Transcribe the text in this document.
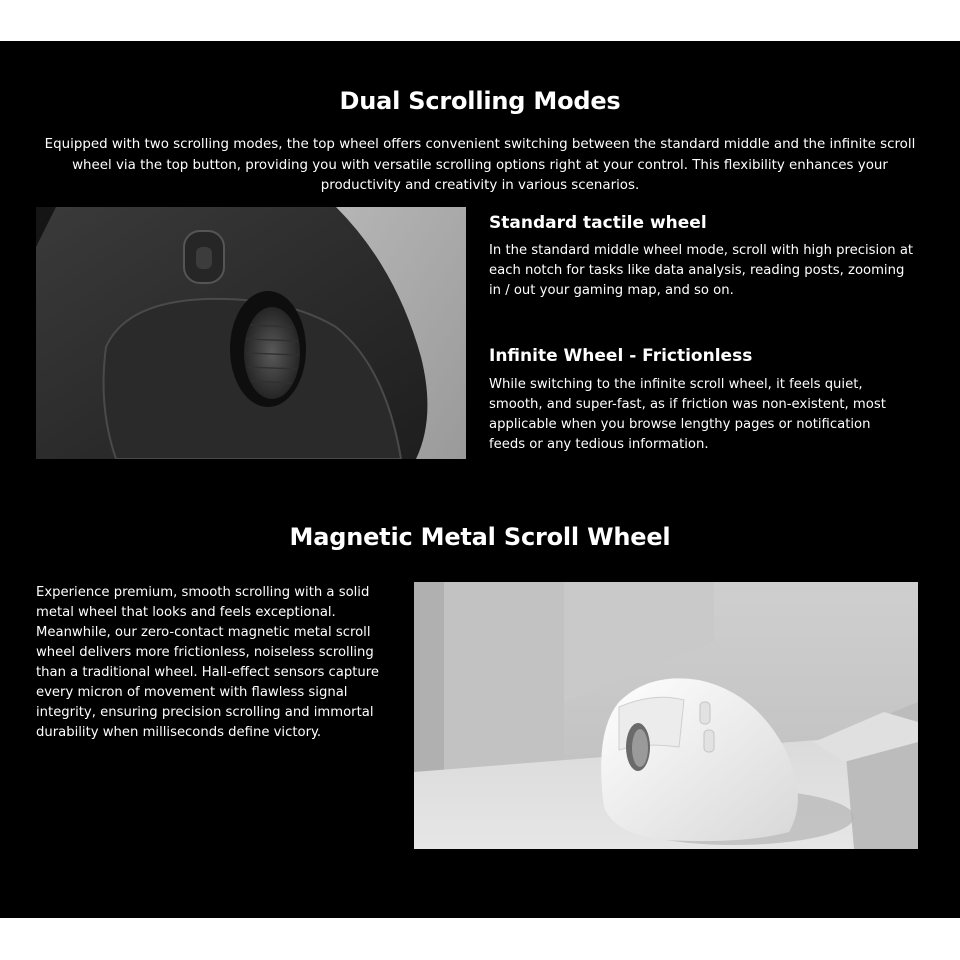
Dual Scrolling Modes

Equipped with two scrolling modes, the top wheel offers convenient switching between the standard middle and the infinite scroll wheel via the top button, providing you with versatile scrolling options right at your control. This flexibility enhances your productivity and creativity in various scenarios.

Standard tactile wheel

In the standard middle wheel mode, scroll with high precision at each notch for tasks like data analysis, reading posts, zooming in / out your gaming map, and so on.

Infinite Wheel - Frictionless

While switching to the infinite scroll wheel, it feels quiet, smooth, and super-fast, as if friction was non-existent, most applicable when you browse lengthy pages or notification feeds or any tedious information.

Magnetic Metal Scroll Wheel

Experience premium, smooth scrolling with a solid metal wheel that looks and feels exceptional. Meanwhile, our zero-contact magnetic metal scroll wheel delivers more frictionless, noiseless scrolling than a traditional wheel. Hall-effect sensors capture every micron of movement with flawless signal integrity, ensuring precision scrolling and immortal durability when milliseconds define victory.
